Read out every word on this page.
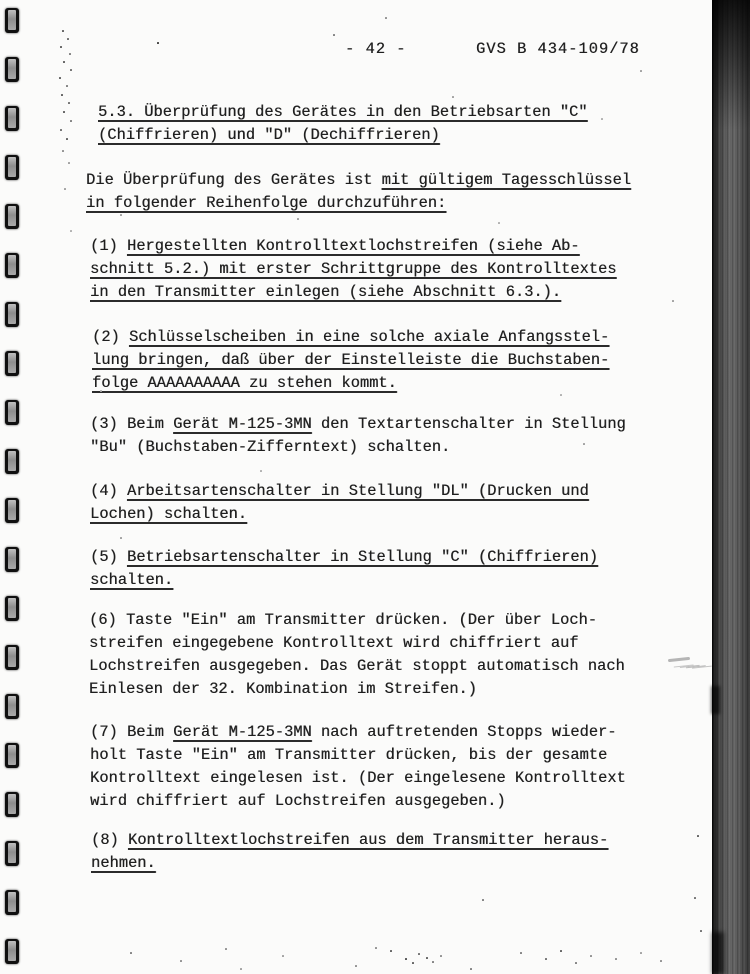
- 42 -	GVS B 434-109/78
5.3. Überprüfung des Gerätes in den Betriebsarten "C"
(Chiffrieren) und "D" (Dechiffrieren)
Die Überprüfung des Gerätes ist mit gültigem Tagesschlüssel
in folgender Reihenfolge durchzuführen:
(1) Hergestellten Kontrolltextlochstreifen (siehe Ab-
schnitt 5.2.) mit erster Schrittgruppe des Kontrolltextes
in den Transmitter einlegen (siehe Abschnitt 6.3.).
(2) Schlüsselscheiben in eine solche axiale Anfangsstel-
lung bringen, daß über der Einstelleiste die Buchstaben-
folge AAAAAAAAAA zu stehen kommt.
(3) Beim Gerät M-125-3MN den Textartenschalter in Stellung
"Bu" (Buchstaben-Zifferntext) schalten.
(4) Arbeitsartenschalter in Stellung "DL" (Drucken und
Lochen) schalten.
(5) Betriebsartenschalter in Stellung "C" (Chiffrieren)
schalten.
(6) Taste "Ein" am Transmitter drücken. (Der über Loch-
streifen eingegebene Kontrolltext wird chiffriert auf
Lochstreifen ausgegeben. Das Gerät stoppt automatisch nach
Einlesen der 32. Kombination im Streifen.)
(7) Beim Gerät M-125-3MN nach auftretenden Stopps wieder-
holt Taste "Ein" am Transmitter drücken, bis der gesamte
Kontrolltext eingelesen ist. (Der eingelesene Kontrolltext
wird chiffriert auf Lochstreifen ausgegeben.)
(8) Kontrolltextlochstreifen aus dem Transmitter heraus-
nehmen.
